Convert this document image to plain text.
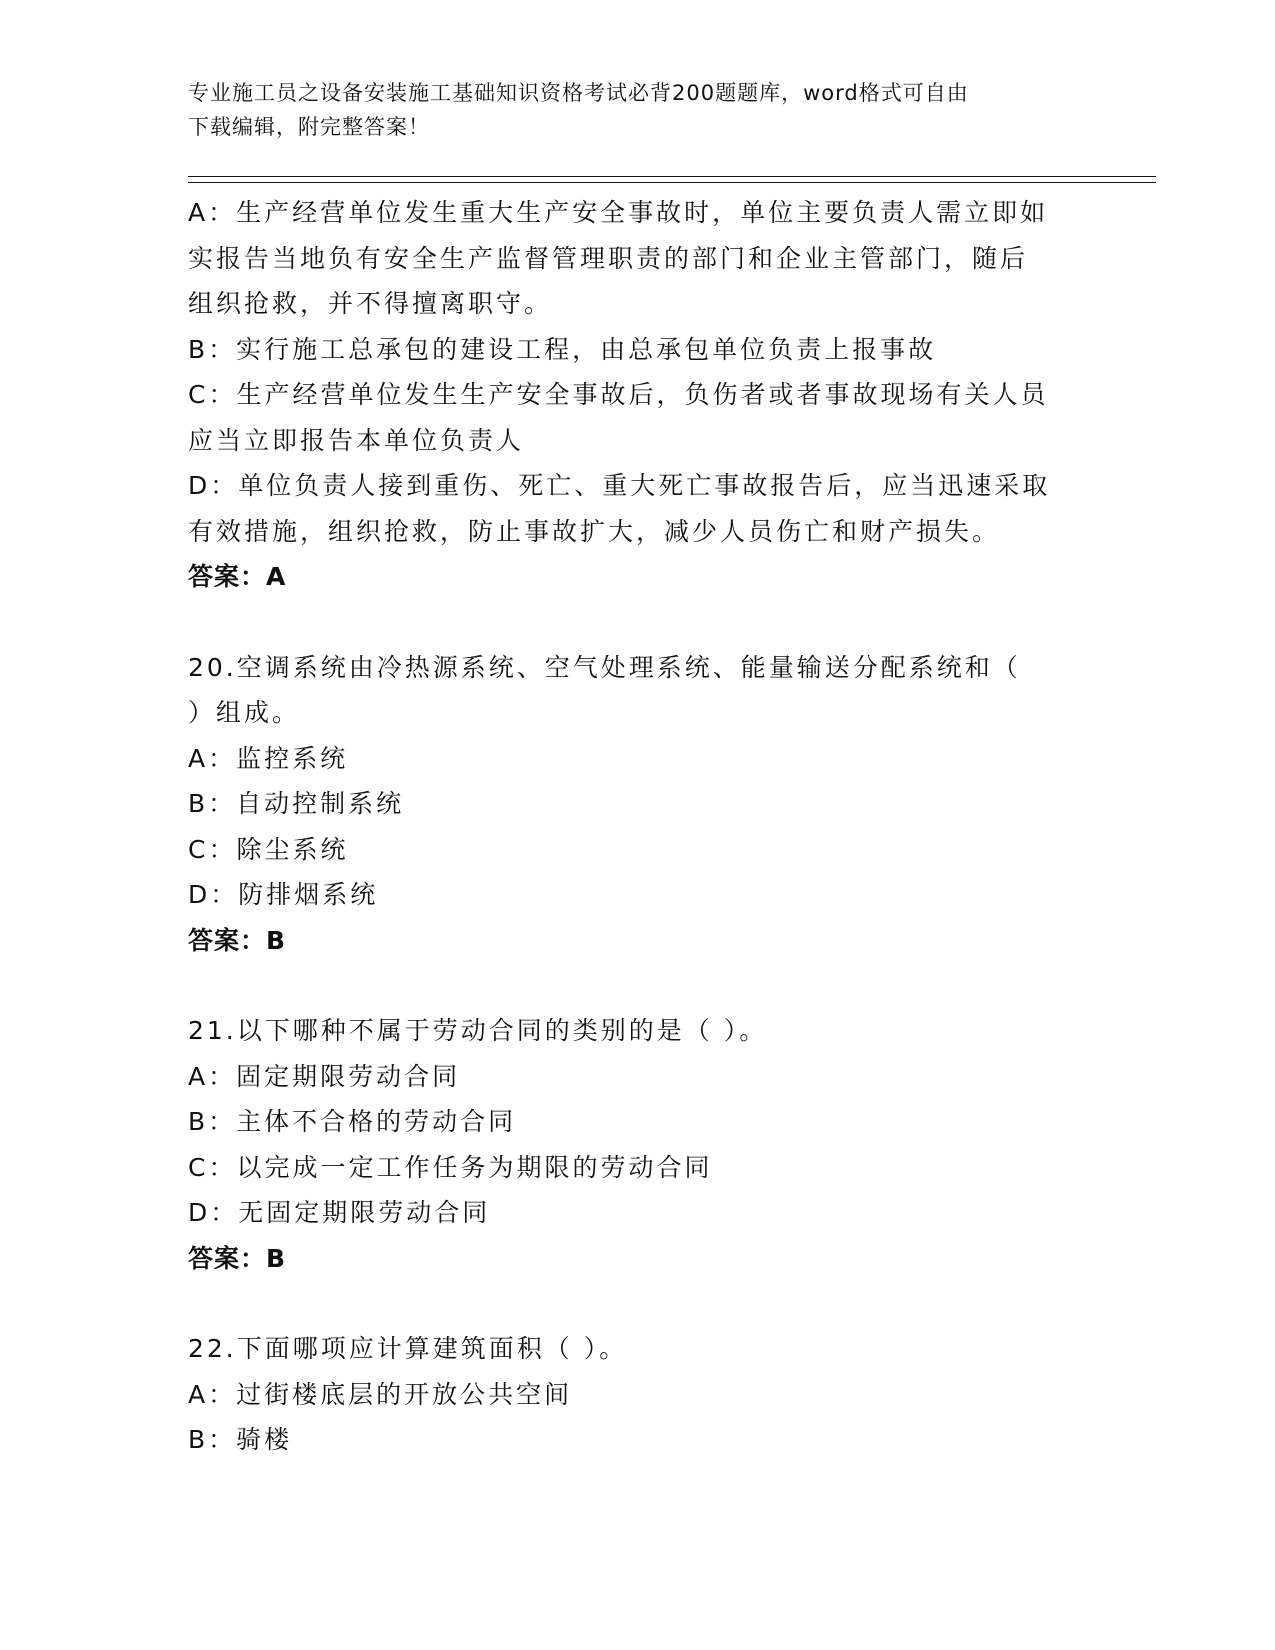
专业施工员之设备安装施工基础知识资格考试必背200题题库，word格式可自由
下载编辑，附完整答案！
A：生产经营单位发生重大生产安全事故时，单位主要负责人需立即如
实报告当地负有安全生产监督管理职责的部门和企业主管部门，随后
组织抢救，并不得擅离职守。
B：实行施工总承包的建设工程，由总承包单位负责上报事故
C：生产经营单位发生生产安全事故后，负伤者或者事故现场有关人员
应当立即报告本单位负责人
D：单位负责人接到重伤、死亡、重大死亡事故报告后，应当迅速采取
有效措施，组织抢救，防止事故扩大，减少人员伤亡和财产损失。
答案：A
20.空调系统由冷热源系统、空气处理系统、能量输送分配系统和（
）组成。
A：监控系统
B：自动控制系统
C：除尘系统
D：防排烟系统
答案：B
21.以下哪种不属于劳动合同的类别的是（ ）。
A：固定期限劳动合同
B：主体不合格的劳动合同
C：以完成一定工作任务为期限的劳动合同
D：无固定期限劳动合同
答案：B
22.下面哪项应计算建筑面积（ ）。
A：过街楼底层的开放公共空间
B：骑楼
